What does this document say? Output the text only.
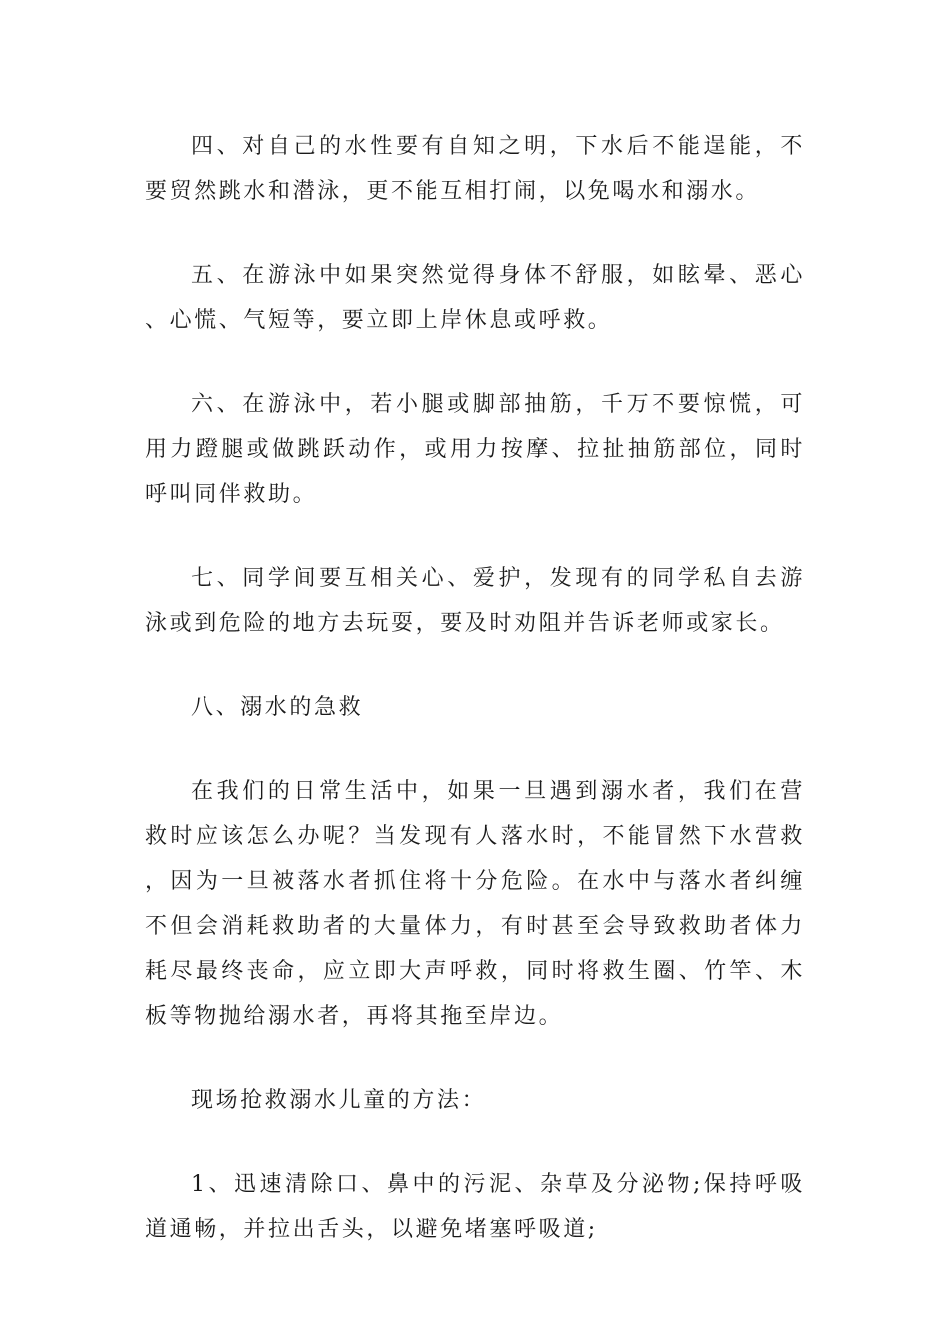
四、对自己的水性要有自知之明，下水后不能逞能，不要贸然跳水和潜泳，更不能互相打闹，以免喝水和溺水。

五、在游泳中如果突然觉得身体不舒服，如眩晕、恶心、心慌、气短等，要立即上岸休息或呼救。

六、在游泳中，若小腿或脚部抽筋，千万不要惊慌，可用力蹬腿或做跳跃动作，或用力按摩、拉扯抽筋部位，同时呼叫同伴救助。

七、同学间要互相关心、爱护，发现有的同学私自去游泳或到危险的地方去玩耍，要及时劝阻并告诉老师或家长。

八、溺水的急救

在我们的日常生活中，如果一旦遇到溺水者，我们在营救时应该怎么办呢？当发现有人落水时，不能冒然下水营救，因为一旦被落水者抓住将十分危险。在水中与落水者纠缠不但会消耗救助者的大量体力，有时甚至会导致救助者体力耗尽最终丧命，应立即大声呼救，同时将救生圈、竹竿、木板等物抛给溺水者，再将其拖至岸边。

现场抢救溺水儿童的方法：

1、迅速清除口、鼻中的污泥、杂草及分泌物;保持呼吸道通畅，并拉出舌头，以避免堵塞呼吸道;
